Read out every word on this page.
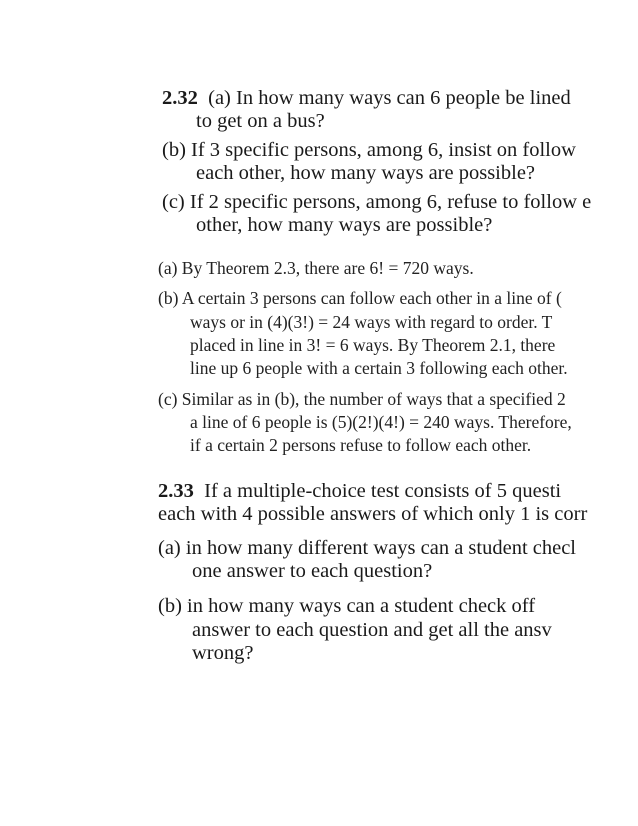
2.32 (a) In how many ways can 6 people be lined

to get on a bus?

(b) If 3 specific persons, among 6, insist on follow

each other, how many ways are possible?

(c) If 2 specific persons, among 6, refuse to follow e

other, how many ways are possible?

(a) By Theorem 2.3, there are 6! = 720 ways.

(b) A certain 3 persons can follow each other in a line of (

ways or in (4)(3!) = 24 ways with regard to order. T

placed in line in 3! = 6 ways. By Theorem 2.1, there

line up 6 people with a certain 3 following each other.

(c) Similar as in (b), the number of ways that a specified 2

a line of 6 people is (5)(2!)(4!) = 240 ways. Therefore,

if a certain 2 persons refuse to follow each other.

2.33 If a multiple-choice test consists of 5 questi

each with 4 possible answers of which only 1 is corr

(a) in how many different ways can a student checl

one answer to each question?

(b) in how many ways can a student check off

answer to each question and get all the ansv

wrong?
